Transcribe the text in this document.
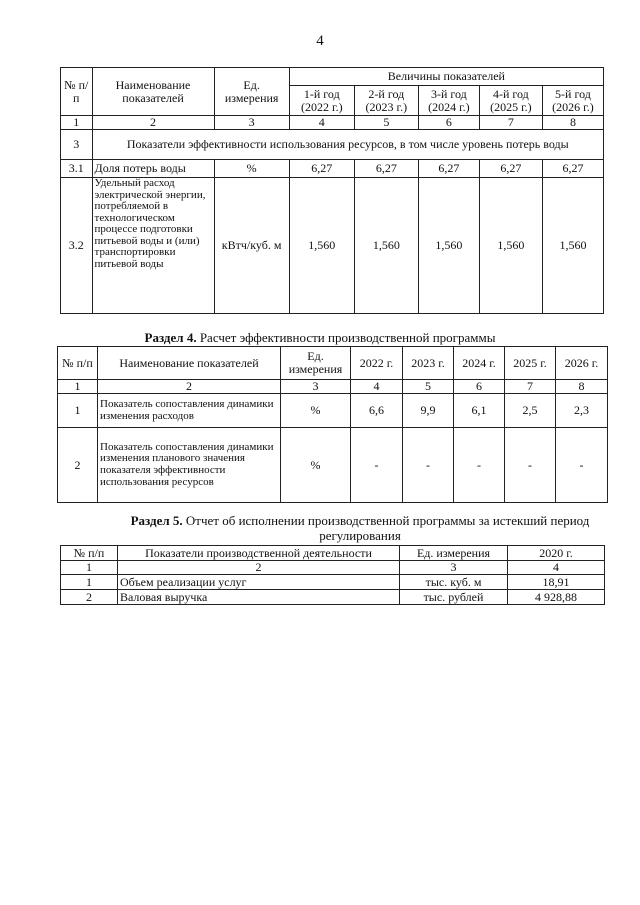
4
№ п/п	Наименование показателей	Ед. измерения	Величины показателей				
			1-й год (2022 г.)	2-й год (2023 г.)	3-й год (2024 г.)	4-й год (2025 г.)	5-й год (2026 г.)
1	2	3	4	5	6	7	8
3	Показатели эффективности использования ресурсов, в том числе уровень потерь воды						
3.1	Доля потерь воды	%	6,27	6,27	6,27	6,27	6,27
3.2	Удельный расход электрической энергии, потребляемой в технологическом процессе подготовки питьевой воды и (или) транспортировки питьевой воды	кВтч/куб. м	1,560	1,560	1,560	1,560	1,560
Раздел 4. Расчет эффективности производственной программы
№ п/п	Наименование показателей	Ед. измерения	2022 г.	2023 г.	2024 г.	2025 г.	2026 г.
1	2	3	4	5	6	7	8
1	Показатель сопоставления динамики изменения расходов	%	6,6	9,9	6,1	2,5	2,3
2	Показатель сопоставления динамики изменения планового значения показателя эффективности использования ресурсов	%	-	-	-	-	-
Раздел 5. Отчет об исполнении производственной программы за истекший период регулирования
№ п/п	Показатели производственной деятельности	Ед. измерения	2020 г.
1	2	3	4
1	Объем реализации услуг	тыс. куб. м	18,91
2	Валовая выручка	тыс. рублей	4 928,88
